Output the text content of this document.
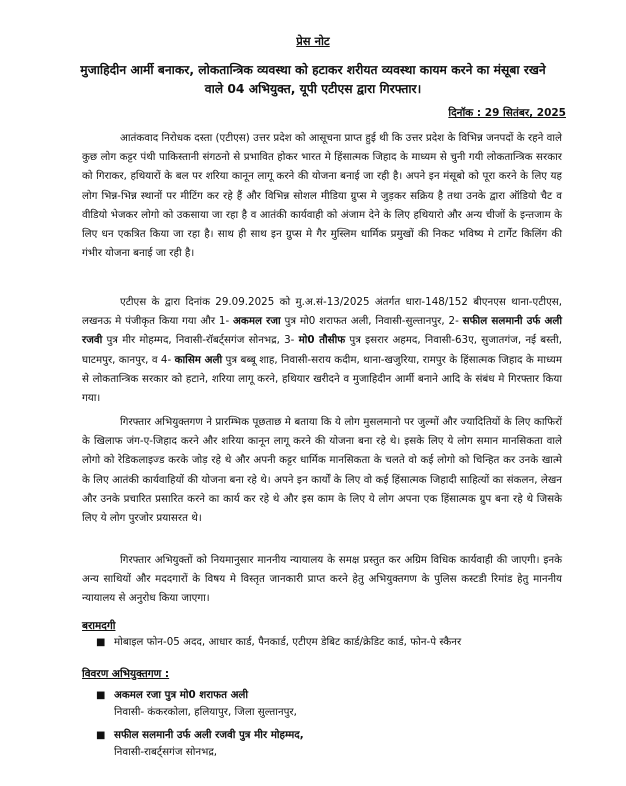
प्रेस नोट
मुजाहिदीन आर्मी बनाकर, लोकतान्त्रिक व्यवस्था को हटाकर शरीयत व्यवस्था कायम करने का मंसूबा रखने वाले 04 अभियुक्त, यूपी एटीएस द्वारा गिरफ्तार।
दिनॉक : 29 सितंबर, 2025

आतंकवाद निरोधक दस्ता (एटीएस) उत्तर प्रदेश को आसूचना प्राप्त हुई थी कि उत्तर प्रदेश के विभिन्न जनपदों के रहने वाले कुछ लोग कट्टर पंथी पाकिस्तानी संगठनो से प्रभावित होकर भारत मे हिंसात्मक जिहाद के माध्यम से चुनी गयी लोकतान्त्रिक सरकार को गिराकर, हथियारों के बल पर शरिया कानून लागू करने की योजना बनाई जा रही है। अपने इन मंसूबो को पूरा करने के लिए यह लोग भिन्न-भिन्न स्थानों पर मीटिंग कर रहे हैं और विभिन्न सोशल मीडिया ग्रुप्स मे जुड़कर सक्रिय है तथा उनके द्वारा ऑडियो चैट व वीडियो भेजकर लोगो को उकसाया जा रहा है व आतंकी कार्यवाही को अंजाम देने के लिए हथियारो और अन्य चीजों के इन्तजाम के लिए धन एकत्रित किया जा रहा है। साथ ही साथ इन ग्रुप्स मे गैर मुस्लिम धार्मिक प्रमुखों की निकट भविष्य मे टार्गेट किलिंग की गंभीर योजना बनाई जा रही है।

एटीएस के द्वारा दिनांक 29.09.2025 को मु.अ.सं-13/2025 अंतर्गत धारा-148/152 बीएनएस थाना-एटीएस, लखनऊ मे पंजीकृत किया गया और 1- अकमल रजा पुत्र मो0 शराफत अली, निवासी-सुल्तानपुर, 2- सफील सलमानी उर्फ अली रजवी पुत्र मीर मोहम्मद, निवासी-रॉबर्ट्सगंज सोनभद्र, 3- मो0 तौसीफ पुत्र इसरार अहमद, निवासी-63ए, सुजातगंज, नई बस्ती, घाटमपुर, कानपुर, व 4- कासिम अली पुत्र बब्बू शाह, निवासी-सराय कदीम, थाना-खजुरिया, रामपुर के हिंसात्मक जिहाद के माध्यम से लोकतान्त्रिक सरकार को हटाने, शरिया लागू करने, हथियार खरीदने व मुजाहिदीन आर्मी बनाने आदि के संबंध मे गिरफ्तार किया गया।

गिरफ्तार अभियुक्तगण ने प्रारम्भिक पूछताछ मे बताया कि ये लोग मुसलमानो पर जुल्मों और ज्यादितियों के लिए काफिरों के खिलाफ जंग-ए-जिहाद करने और शरिया कानून लागू करने की योजना बना रहे थे। इसके लिए ये लोग समान मानसिकता वाले लोगो को रेडिकलाइज्ड करके जोड़ रहे थे और अपनी कट्टर धार्मिक मानसिकता के चलते वो कई लोगो को चिन्हित कर उनके खात्मे के लिए आतंकी कार्यवाहियों की योजना बना रहे थे। अपने इन कार्यों के लिए वो कई हिंसात्मक जिहादी साहित्यों का संकलन, लेखन और उनके प्रचारित प्रसारित करने का कार्य कर रहे थे और इस काम के लिए ये लोग अपना एक हिंसात्मक ग्रुप बना रहे थे जिसके लिए ये लोग पुरजोर प्रयासरत थे।

गिरफ्तार अभियुक्तों को नियमानुसार माननीय न्यायालय के समक्ष प्रस्तुत कर अग्रिम विधिक कार्यवाही की जाएगी। इनके अन्य साथियों और मददगारों के विषय मे विस्तृत जानकारी प्राप्त करने हेतु अभियुक्तगण के पुलिस कस्टडी रिमांड हेतु माननीय न्यायालय से अनुरोध किया जाएगा।

बरामदगी
■ मोबाइल फोन-05 अदद, आधार कार्ड, पैनकार्ड, एटीएम डेबिट कार्ड/क्रेडिट कार्ड, फोन-पे स्कैनर
विवरण अभियुक्तगण :
■ अकमल रजा पुत्र मो0 शराफत अली
निवासी- कंकरकोला, हलियापुर, जिला सुल्तानपुर,
■ सफील सलमानी उर्फ अली रजवी पुत्र मीर मोहम्मद,
निवासी-राबर्ट्सगंज सोनभद्र,
